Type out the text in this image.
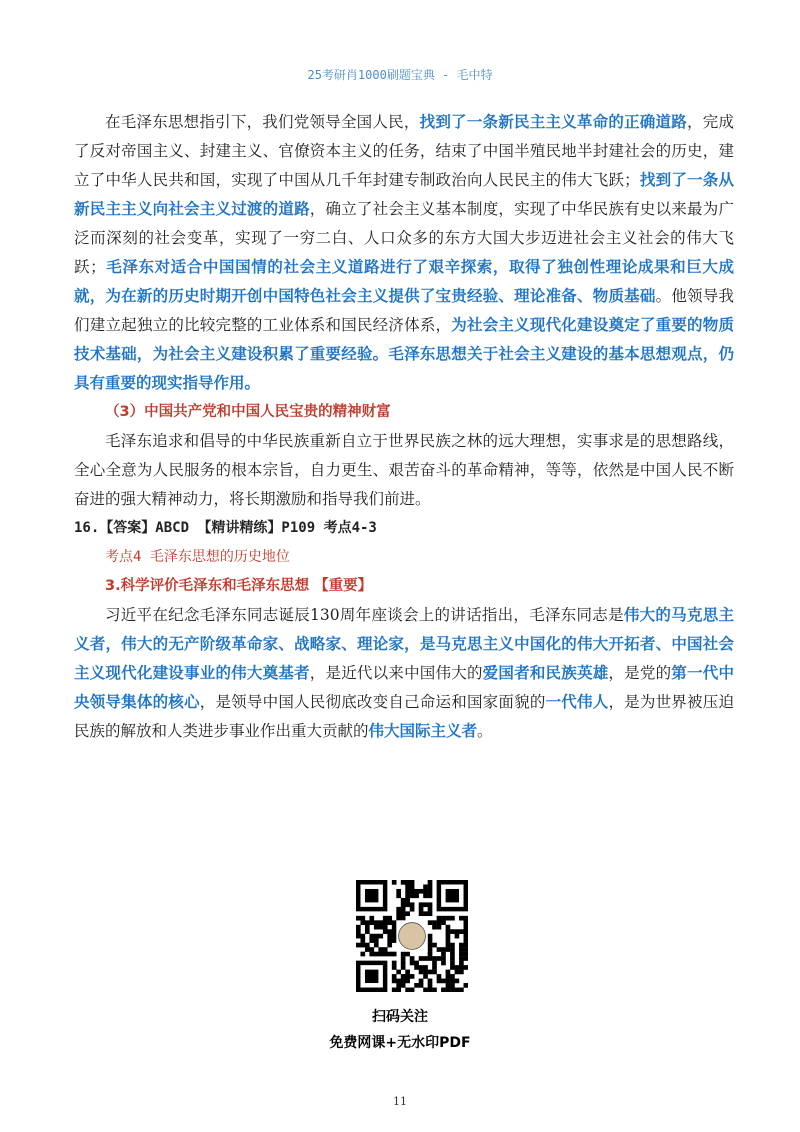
25考研肖1000刷题宝典 - 毛中特

在毛泽东思想指引下，我们党领导全国人民，找到了一条新民主主义革命的正确道路，完成了反对帝国主义、封建主义、官僚资本主义的任务，结束了中国半殖民地半封建社会的历史，建立了中华人民共和国，实现了中国从几千年封建专制政治向人民民主的伟大飞跃；找到了一条从新民主主义向社会主义过渡的道路，确立了社会主义基本制度，实现了中华民族有史以来最为广泛而深刻的社会变革，实现了一穷二白、人口众多的东方大国大步迈进社会主义社会的伟大飞跃；毛泽东对适合中国国情的社会主义道路进行了艰辛探索，取得了独创性理论成果和巨大成就，为在新的历史时期开创中国特色社会主义提供了宝贵经验、理论准备、物质基础。他领导我们建立起独立的比较完整的工业体系和国民经济体系，为社会主义现代化建设奠定了重要的物质技术基础，为社会主义建设积累了重要经验。毛泽东思想关于社会主义建设的基本思想观点，仍具有重要的现实指导作用。

（3）中国共产党和中国人民宝贵的精神财富

毛泽东追求和倡导的中华民族重新自立于世界民族之林的远大理想，实事求是的思想路线，全心全意为人民服务的根本宗旨，自力更生、艰苦奋斗的革命精神，等等，依然是中国人民不断奋进的强大精神动力，将长期激励和指导我们前进。

16.【答案】ABCD 【精讲精练】P109 考点4-3

考点4 毛泽东思想的历史地位

3.科学评价毛泽东和毛泽东思想 【重要】

习近平在纪念毛泽东同志诞辰130周年座谈会上的讲话指出，毛泽东同志是伟大的马克思主义者，伟大的无产阶级革命家、战略家、理论家，是马克思主义中国化的伟大开拓者、中国社会主义现代化建设事业的伟大奠基者，是近代以来中国伟大的爱国者和民族英雄，是党的第一代中央领导集体的核心，是领导中国人民彻底改变自己命运和国家面貌的一代伟人，是为世界被压迫民族的解放和人类进步事业作出重大贡献的伟大国际主义者。

扫码关注
免费网课+无水印PDF
11
